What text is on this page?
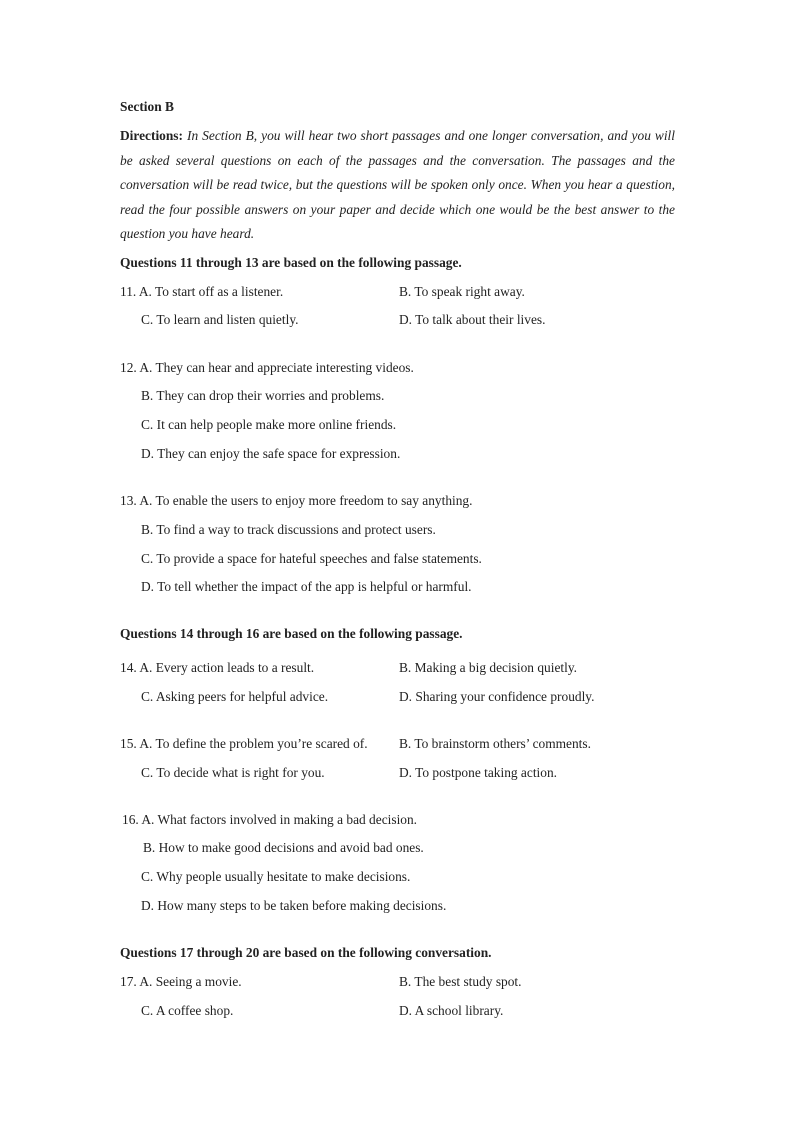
Section B
Directions: In Section B, you will hear two short passages and one longer conversation, and you will be asked several questions on each of the passages and the conversation. The passages and the conversation will be read twice, but the questions will be spoken only once. When you hear a question, read the four possible answers on your paper and decide which one would be the best answer to the question you have heard.
Questions 11 through 13 are based on the following passage.
11. A. To start off as a listener.	B. To speak right away.
C. To learn and listen quietly.	D. To talk about their lives.
12. A. They can hear and appreciate interesting videos.
B. They can drop their worries and problems.
C. It can help people make more online friends.
D. They can enjoy the safe space for expression.
13. A. To enable the users to enjoy more freedom to say anything.
B. To find a way to track discussions and protect users.
C. To provide a space for hateful speeches and false statements.
D. To tell whether the impact of the app is helpful or harmful.
Questions 14 through 16 are based on the following passage.
14. A. Every action leads to a result.	B. Making a big decision quietly.
C. Asking peers for helpful advice.	D. Sharing your confidence proudly.
15. A. To define the problem you’re scared of. B. To brainstorm others’ comments.
C. To decide what is right for you.	D. To postpone taking action.
16. A. What factors involved in making a bad decision.
B. How to make good decisions and avoid bad ones.
C. Why people usually hesitate to make decisions.
D. How many steps to be taken before making decisions.
Questions 17 through 20 are based on the following conversation.
17. A. Seeing a movie.	B. The best study spot.
C. A coffee shop.	D. A school library.
